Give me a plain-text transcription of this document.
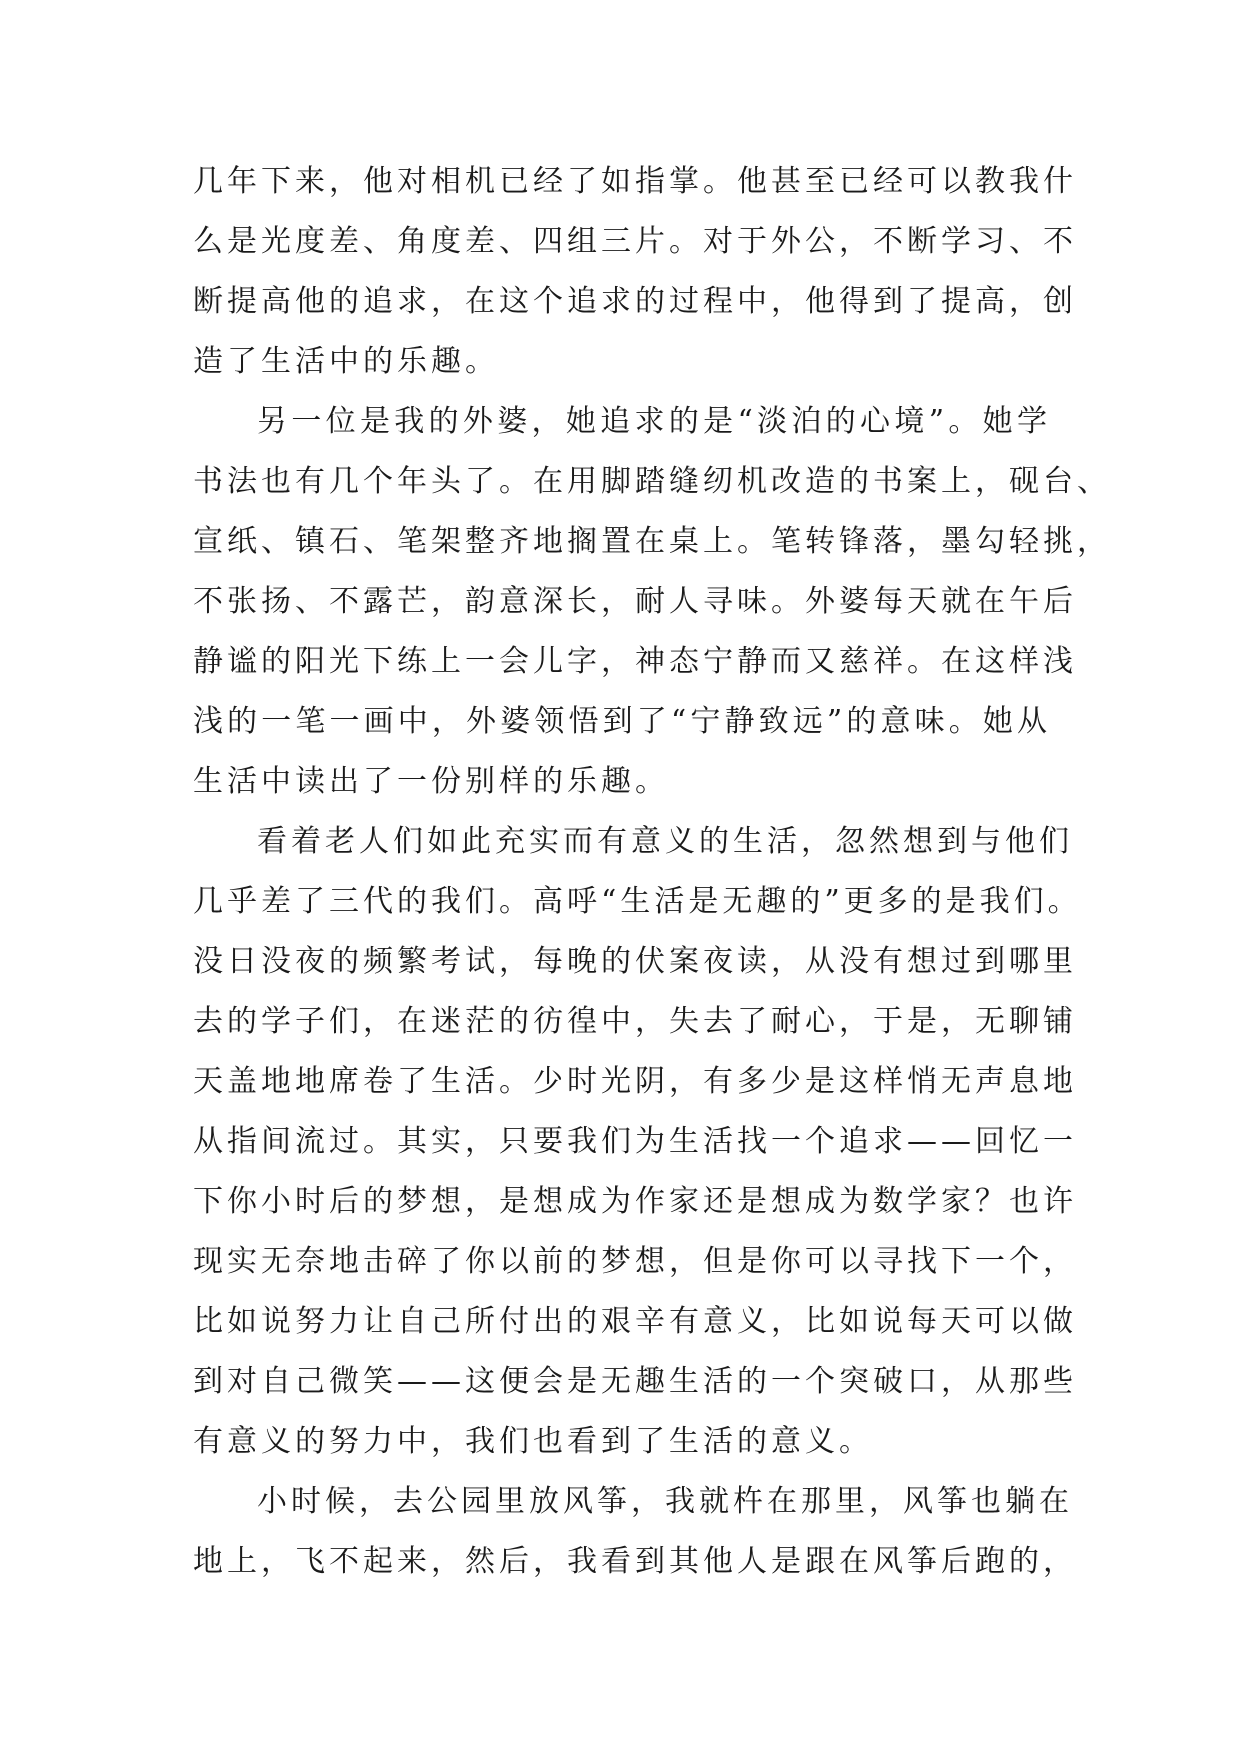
几年下来，他对相机已经了如指掌。他甚至已经可以教我什
么是光度差、角度差、四组三片。对于外公，不断学习、不
断提高他的追求，在这个追求的过程中，他得到了提高，创
造了生活中的乐趣。
另一位是我的外婆，她追求的是“淡泊的心境”。她学
书法也有几个年头了。在用脚踏缝纫机改造的书案上，砚台、
宣纸、镇石、笔架整齐地搁置在桌上。笔转锋落，墨勾轻挑，
不张扬、不露芒，韵意深长，耐人寻味。外婆每天就在午后
静谧的阳光下练上一会儿字，神态宁静而又慈祥。在这样浅
浅的一笔一画中，外婆领悟到了“宁静致远”的意味。她从
生活中读出了一份别样的乐趣。
看着老人们如此充实而有意义的生活，忽然想到与他们
几乎差了三代的我们。高呼“生活是无趣的”更多的是我们。
没日没夜的频繁考试，每晚的伏案夜读，从没有想过到哪里
去的学子们，在迷茫的彷徨中，失去了耐心，于是，无聊铺
天盖地地席卷了生活。少时光阴，有多少是这样悄无声息地
从指间流过。其实，只要我们为生活找一个追求——回忆一
下你小时后的梦想，是想成为作家还是想成为数学家？也许
现实无奈地击碎了你以前的梦想，但是你可以寻找下一个，
比如说努力让自己所付出的艰辛有意义，比如说每天可以做
到对自己微笑——这便会是无趣生活的一个突破口，从那些
有意义的努力中，我们也看到了生活的意义。
小时候，去公园里放风筝，我就杵在那里，风筝也躺在
地上，飞不起来，然后，我看到其他人是跟在风筝后跑的，
